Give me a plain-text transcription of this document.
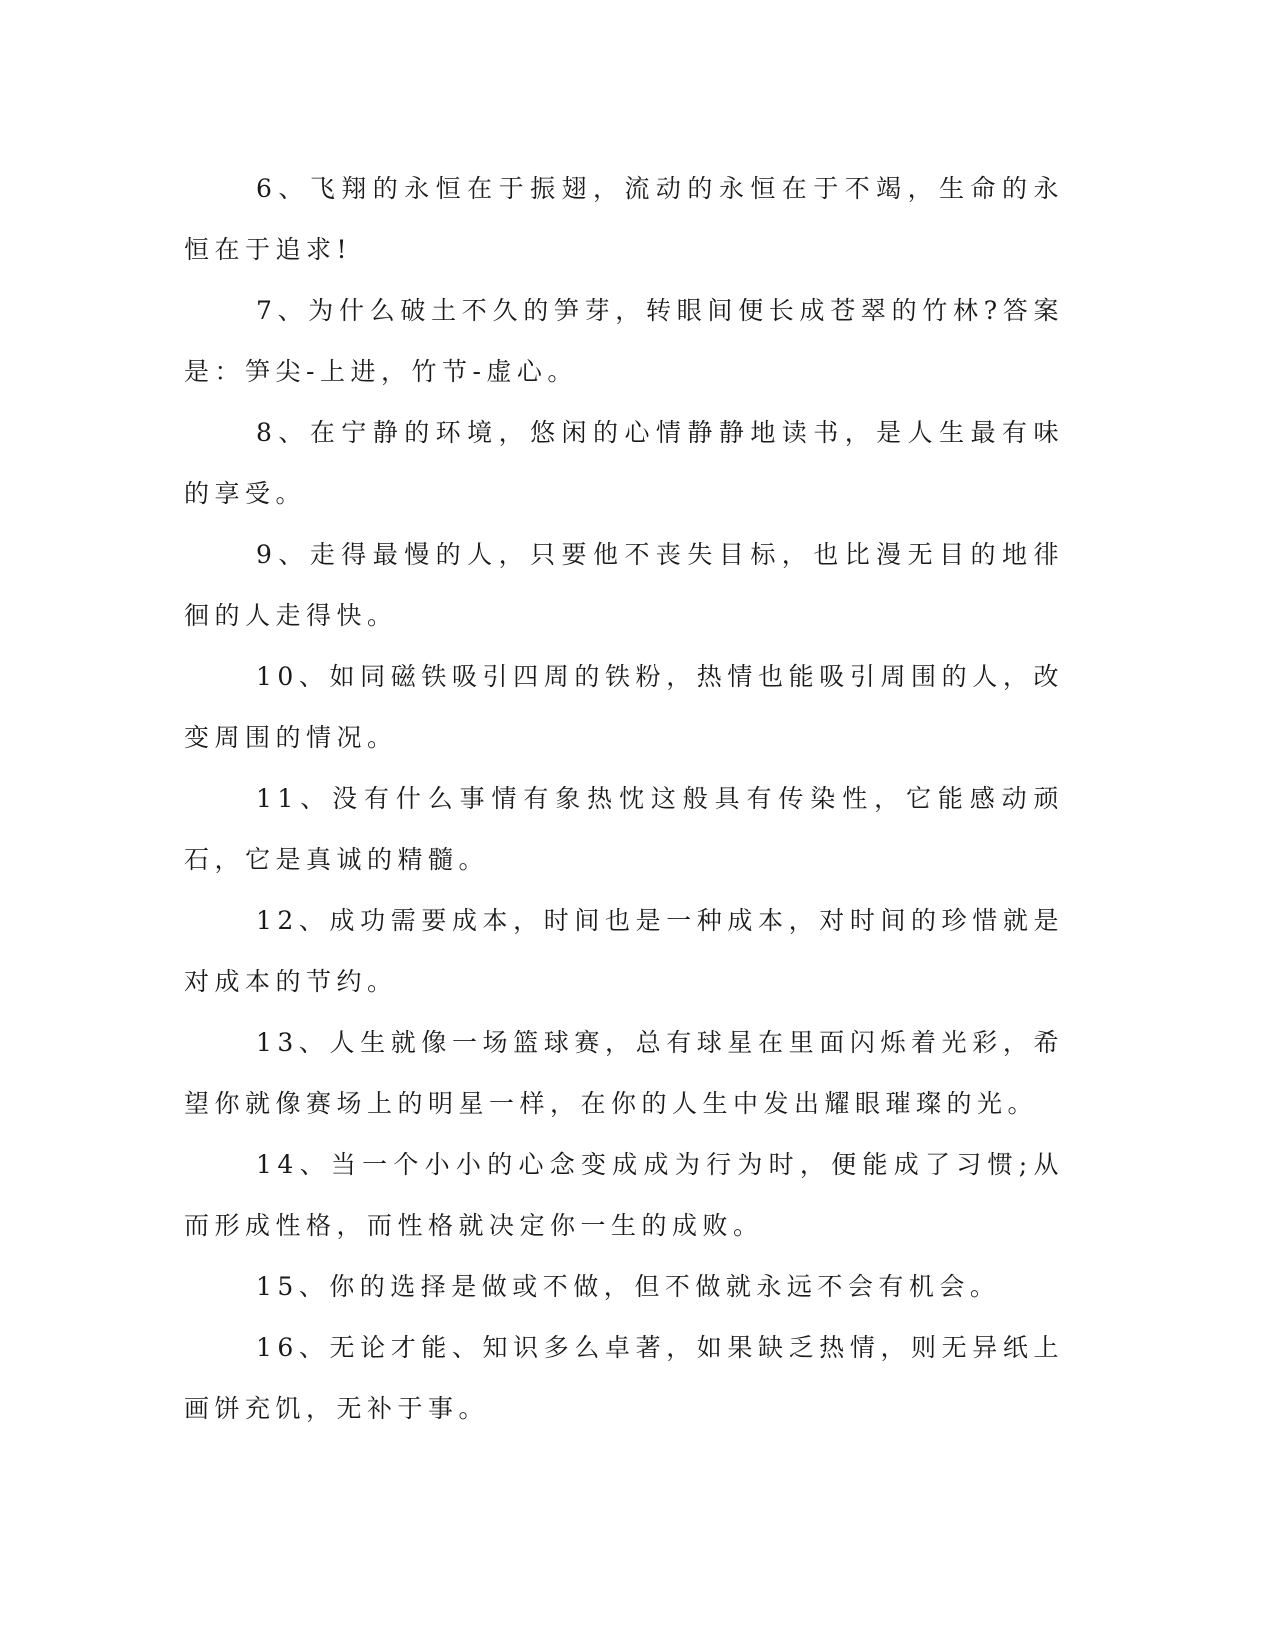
6、飞翔的永恒在于振翅，流动的永恒在于不竭，生命的永恒在于追求!

7、为什么破土不久的笋芽，转眼间便长成苍翠的竹林?答案是：笋尖-上进，竹节-虚心。

8、在宁静的环境，悠闲的心情静静地读书，是人生最有味的享受。

9、走得最慢的人，只要他不丧失目标，也比漫无目的地徘徊的人走得快。

10、如同磁铁吸引四周的铁粉，热情也能吸引周围的人，改变周围的情况。

11、没有什么事情有象热忱这般具有传染性，它能感动顽石，它是真诚的精髓。

12、成功需要成本，时间也是一种成本，对时间的珍惜就是对成本的节约。

13、人生就像一场篮球赛，总有球星在里面闪烁着光彩，希望你就像赛场上的明星一样，在你的人生中发出耀眼璀璨的光。

14、当一个小小的心念变成成为行为时，便能成了习惯;从而形成性格，而性格就决定你一生的成败。

15、你的选择是做或不做，但不做就永远不会有机会。

16、无论才能、知识多么卓著，如果缺乏热情，则无异纸上画饼充饥，无补于事。
